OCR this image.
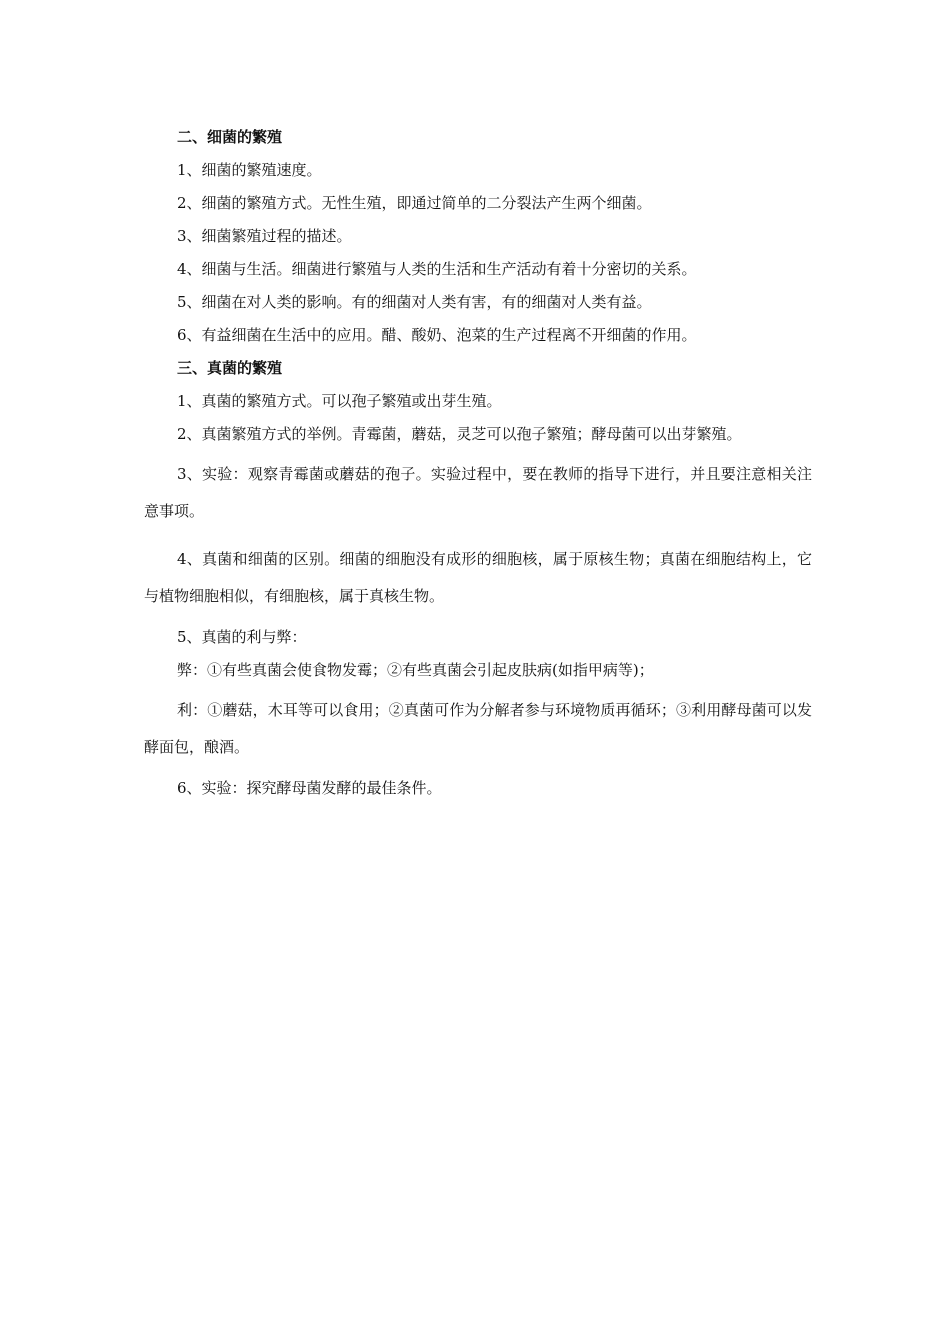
二、细菌的繁殖

1、细菌的繁殖速度。

2、细菌的繁殖方式。无性生殖，即通过简单的二分裂法产生两个细菌。

3、细菌繁殖过程的描述。

4、细菌与生活。细菌进行繁殖与人类的生活和生产活动有着十分密切的关系。

5、细菌在对人类的影响。有的细菌对人类有害，有的细菌对人类有益。

6、有益细菌在生活中的应用。醋、酸奶、泡菜的生产过程离不开细菌的作用。

三、真菌的繁殖

1、真菌的繁殖方式。可以孢子繁殖或出芽生殖。

2、真菌繁殖方式的举例。青霉菌，蘑菇，灵芝可以孢子繁殖；酵母菌可以出芽繁殖。

3、实验：观察青霉菌或蘑菇的孢子。实验过程中，要在教师的指导下进行，并且要注意相关注意事项。

4、真菌和细菌的区别。细菌的细胞没有成形的细胞核，属于原核生物；真菌在细胞结构上，它与植物细胞相似，有细胞核，属于真核生物。

5、真菌的利与弊：

弊：①有些真菌会使食物发霉；②有些真菌会引起皮肤病(如指甲病等)；

利：①蘑菇，木耳等可以食用；②真菌可作为分解者参与环境物质再循环；③利用酵母菌可以发酵面包，酿酒。

6、实验：探究酵母菌发酵的最佳条件。
